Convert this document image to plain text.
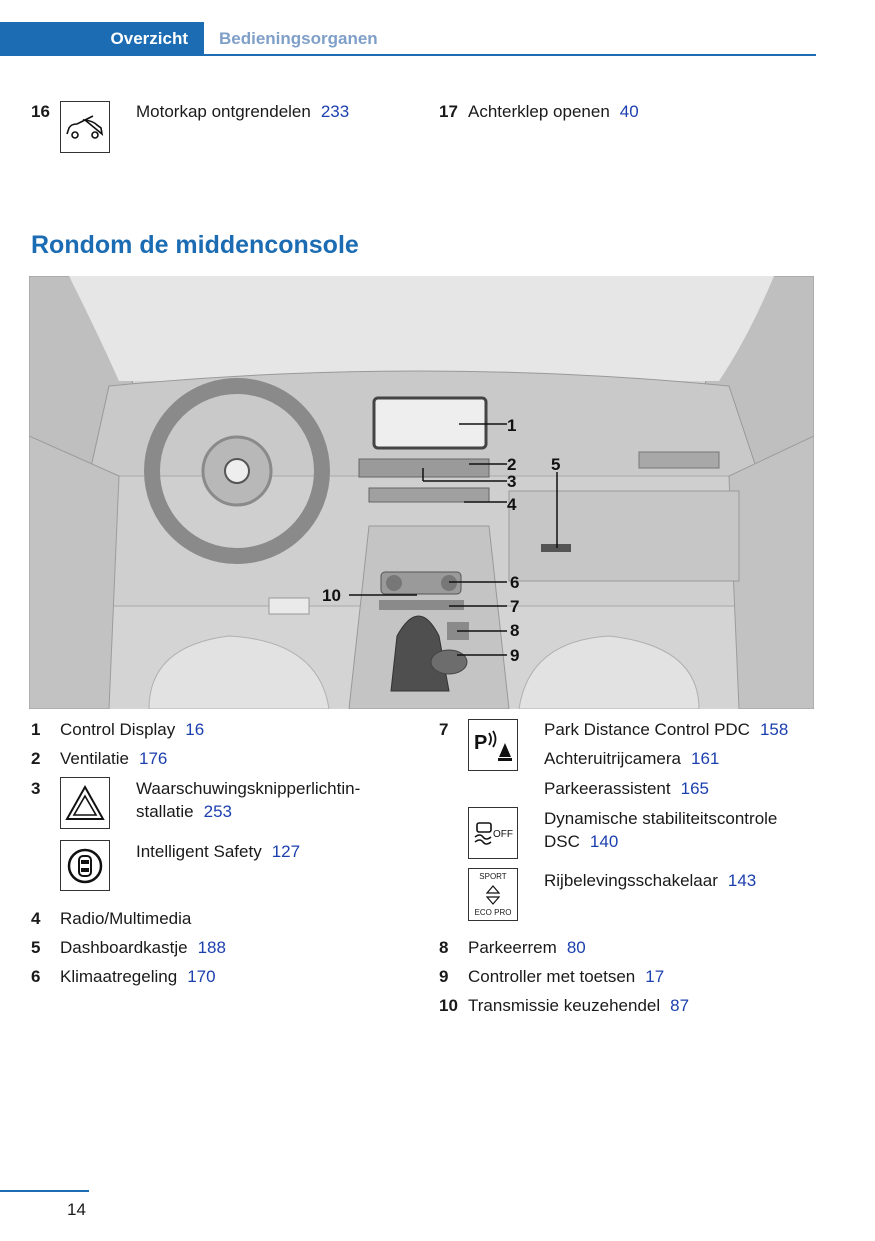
Overzicht	Bedieningsorganen
16	Motorkap ontgrendelen 233	17 Achterklep openen 40
Rondom de middenconsole
1
2
3
4
5
6
7
8
9
10
1 Control Display 16
2 Ventilatie 176
3	Waarschuwingsknipperlichtin-
stallatie 253
Intelligent Safety 127
4 Radio/Multimedia
5 Dashboardkastje 188
6 Klimaatregeling 170
7
P
Park Distance Control PDC 158
Achteruitrijcamera 161
Parkeerassistent 165
OFF
Dynamische stabiliteitscontrole
DSC 140
SPORT
ECO PRO
Rijbelevingsschakelaar 143
8 Parkeerrem 80
9 Controller met toetsen 17
10 Transmissie keuzehendel 87
14
